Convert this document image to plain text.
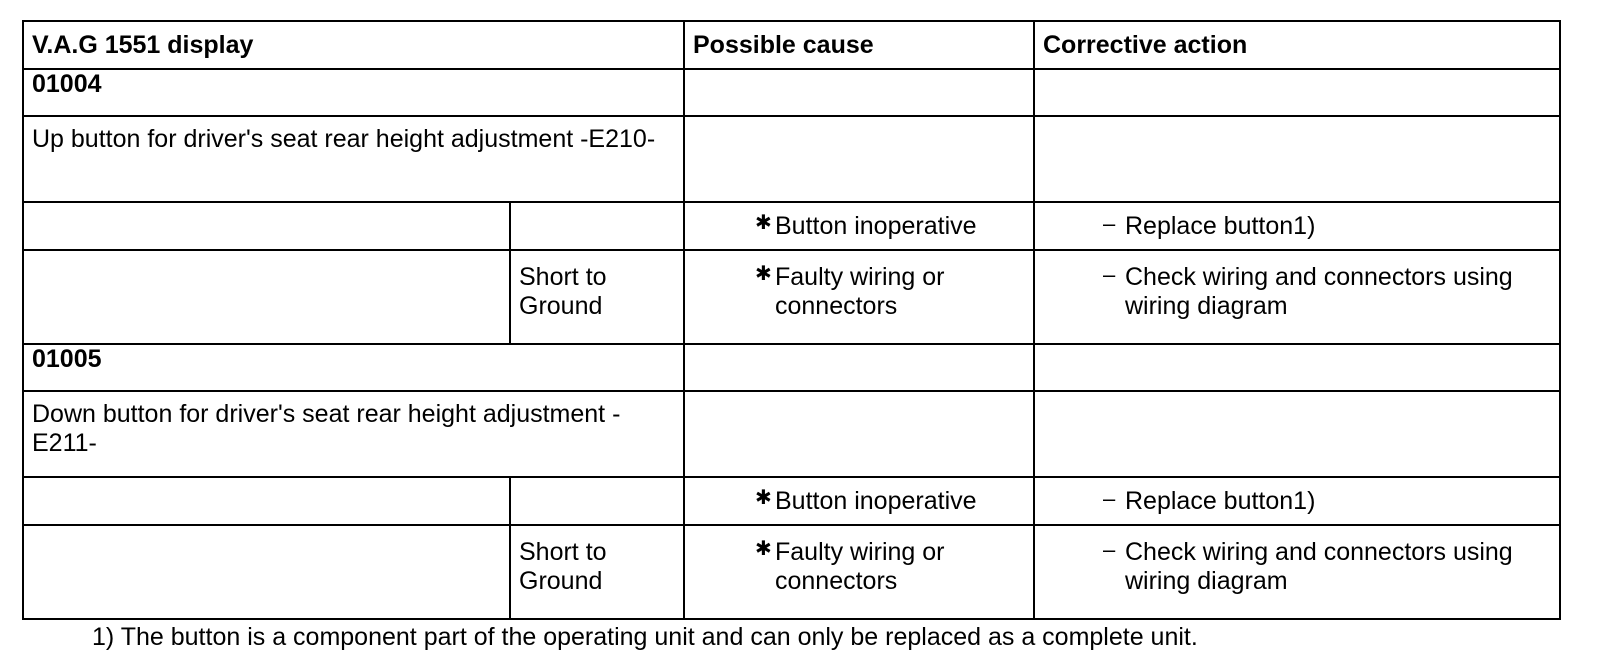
V.A.G 1551 display		Possible cause	Corrective action
01004			
Up button for driver's seat rear height adjustment -E210-			

		✱ Button inoperative	– Replace button1)

	Short to Ground	✱ Faulty wiring or connectors	– Check wiring and connectors using wiring diagram

01005			
Down button for driver's seat rear height adjustment -E211-			

		✱ Button inoperative	– Replace button1)

	Short to Ground	✱ Faulty wiring or connectors	– Check wiring and connectors using wiring diagram
1) The button is a component part of the operating unit and can only be replaced as a complete unit.
